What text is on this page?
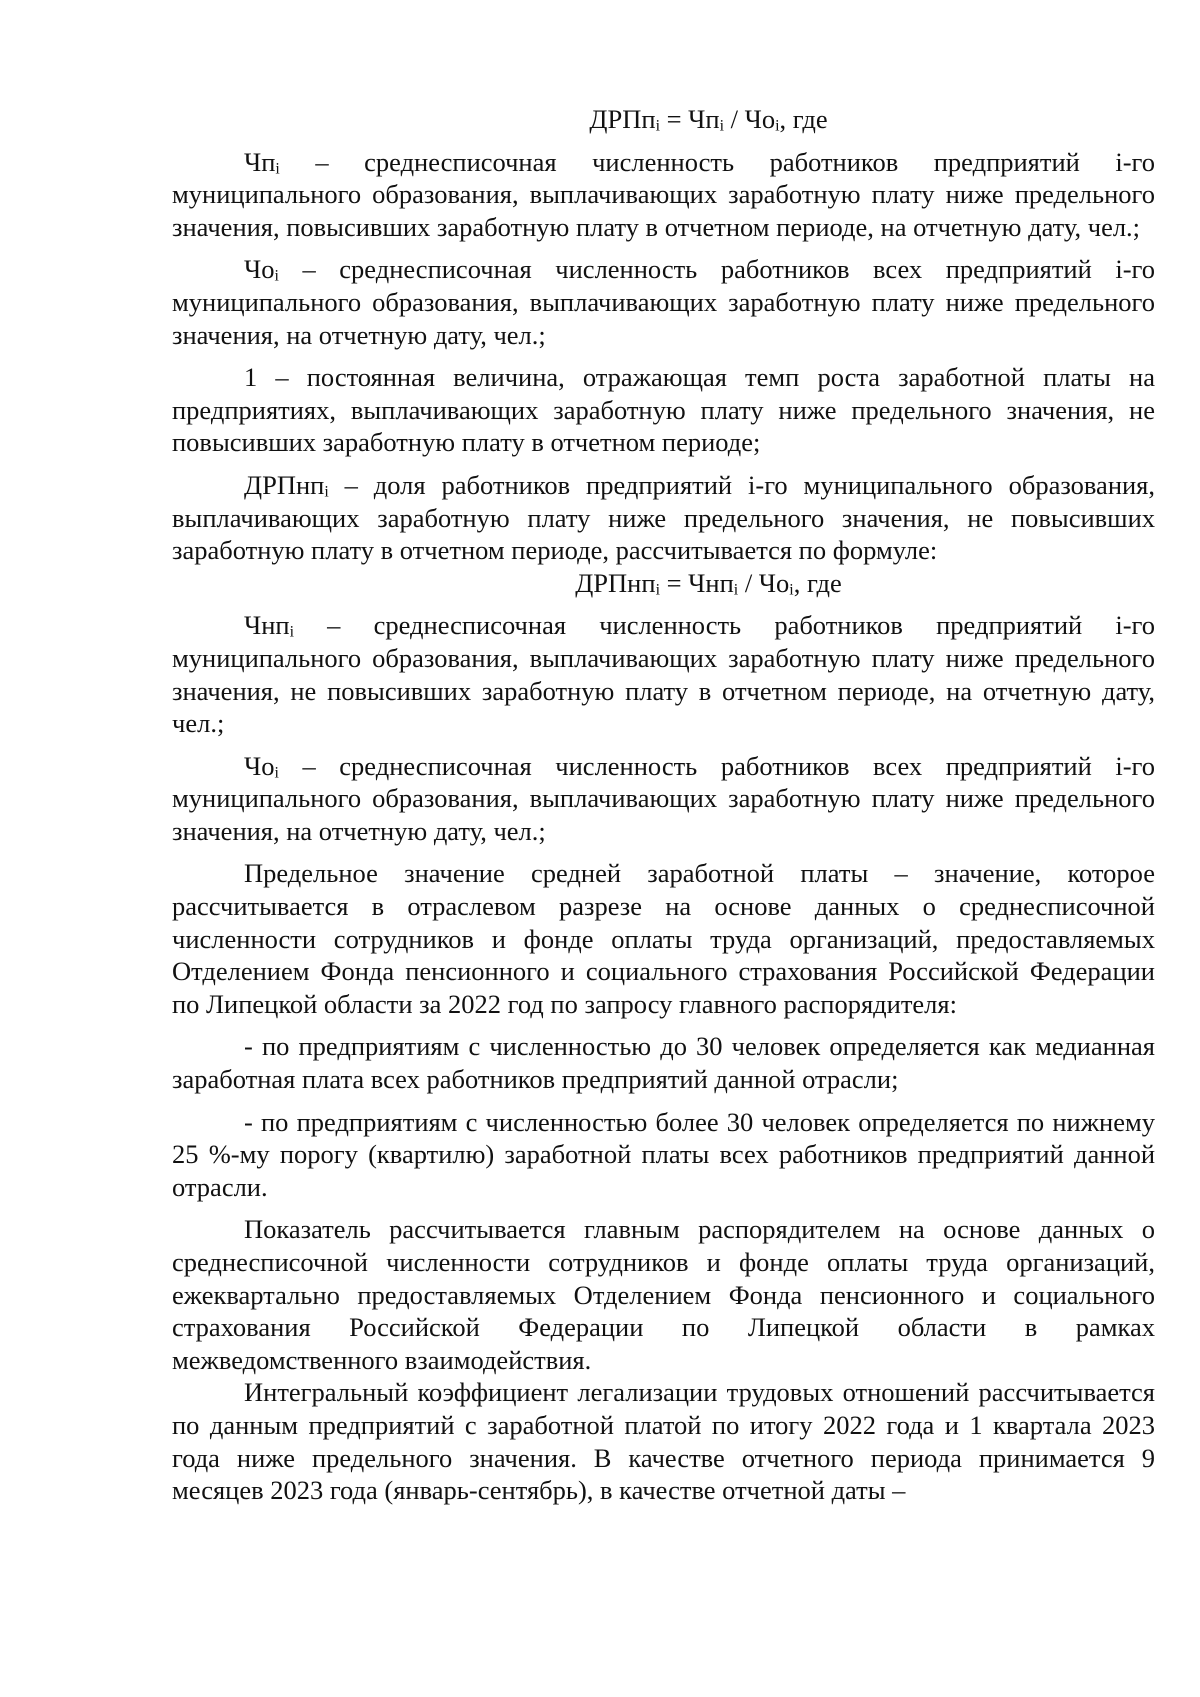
ДРПпi = Чпi / Чоi, где

Чпi – среднесписочная численность работников предприятий i-го муниципального образования, выплачивающих заработную плату ниже предельного значения, повысивших заработную плату в отчетном периоде, на отчетную дату, чел.;

Чоi – среднесписочная численность работников всех предприятий i-го муниципального образования, выплачивающих заработную плату ниже предельного значения, на отчетную дату, чел.;

1 – постоянная величина, отражающая темп роста заработной платы на предприятиях, выплачивающих заработную плату ниже предельного значения, не повысивших заработную плату в отчетном периоде;

ДРПнпi – доля работников предприятий i-го муниципального образования, выплачивающих заработную плату ниже предельного значения, не повысивших заработную плату в отчетном периоде, рассчитывается по формуле:

ДРПнпi = Чнпi / Чоi, где

Чнпi – среднесписочная численность работников предприятий i-го муниципального образования, выплачивающих заработную плату ниже предельного значения, не повысивших заработную плату в отчетном периоде, на отчетную дату, чел.;

Чоi – среднесписочная численность работников всех предприятий i-го муниципального образования, выплачивающих заработную плату ниже предельного значения, на отчетную дату, чел.;

Предельное значение средней заработной платы – значение, которое рассчитывается в отраслевом разрезе на основе данных о среднесписочной численности сотрудников и фонде оплаты труда организаций, предоставляемых Отделением Фонда пенсионного и социального страхования Российской Федерации по Липецкой области за 2022 год по запросу главного распорядителя:

- по предприятиям с численностью до 30 человек определяется как медианная заработная плата всех работников предприятий данной отрасли;

- по предприятиям с численностью более 30 человек определяется по нижнему 25 %-му порогу (квартилю) заработной платы всех работников предприятий данной отрасли.

Показатель рассчитывается главным распорядителем на основе данных о среднесписочной численности сотрудников и фонде оплаты труда организаций, ежеквартально предоставляемых Отделением Фонда пенсионного и социального страхования Российской Федерации по Липецкой области в рамках межведомственного взаимодействия.

Интегральный коэффициент легализации трудовых отношений рассчитывается по данным предприятий с заработной платой по итогу 2022 года и 1 квартала 2023 года ниже предельного значения. В качестве отчетного периода принимается 9 месяцев 2023 года (январь-сентябрь), в качестве отчетной даты –
